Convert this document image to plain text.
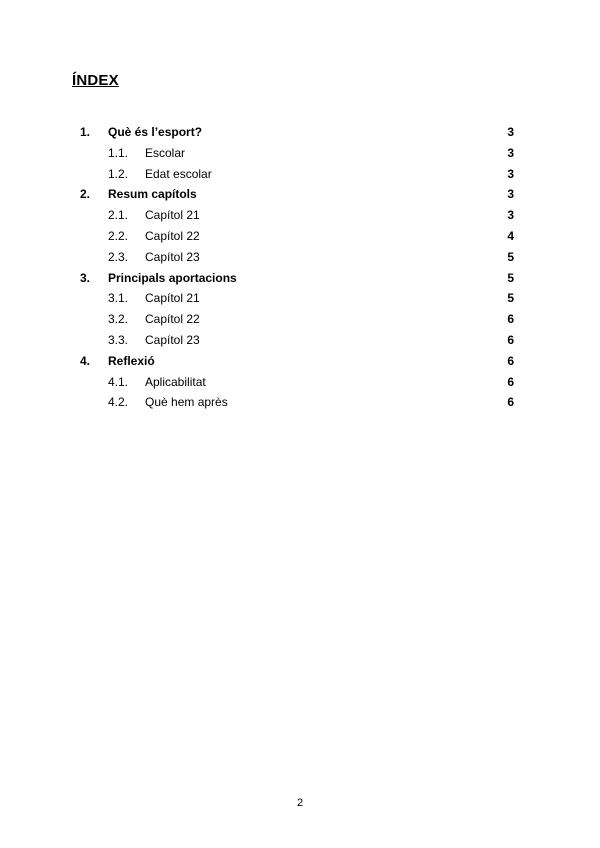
ÍNDEX
1. Què és l’esport?	3
1.1. Escolar	3
1.2. Edat escolar	3
2. Resum capítols	3
2.1. Capítol 21	3
2.2. Capítol 22	4
2.3. Capítol 23	5
3. Principals aportacions	5
3.1. Capítol 21	5
3.2. Capítol 22	6
3.3. Capítol 23	6
4. Reflexió	6
4.1. Aplicabilitat	6
4.2. Què hem après	6
2
